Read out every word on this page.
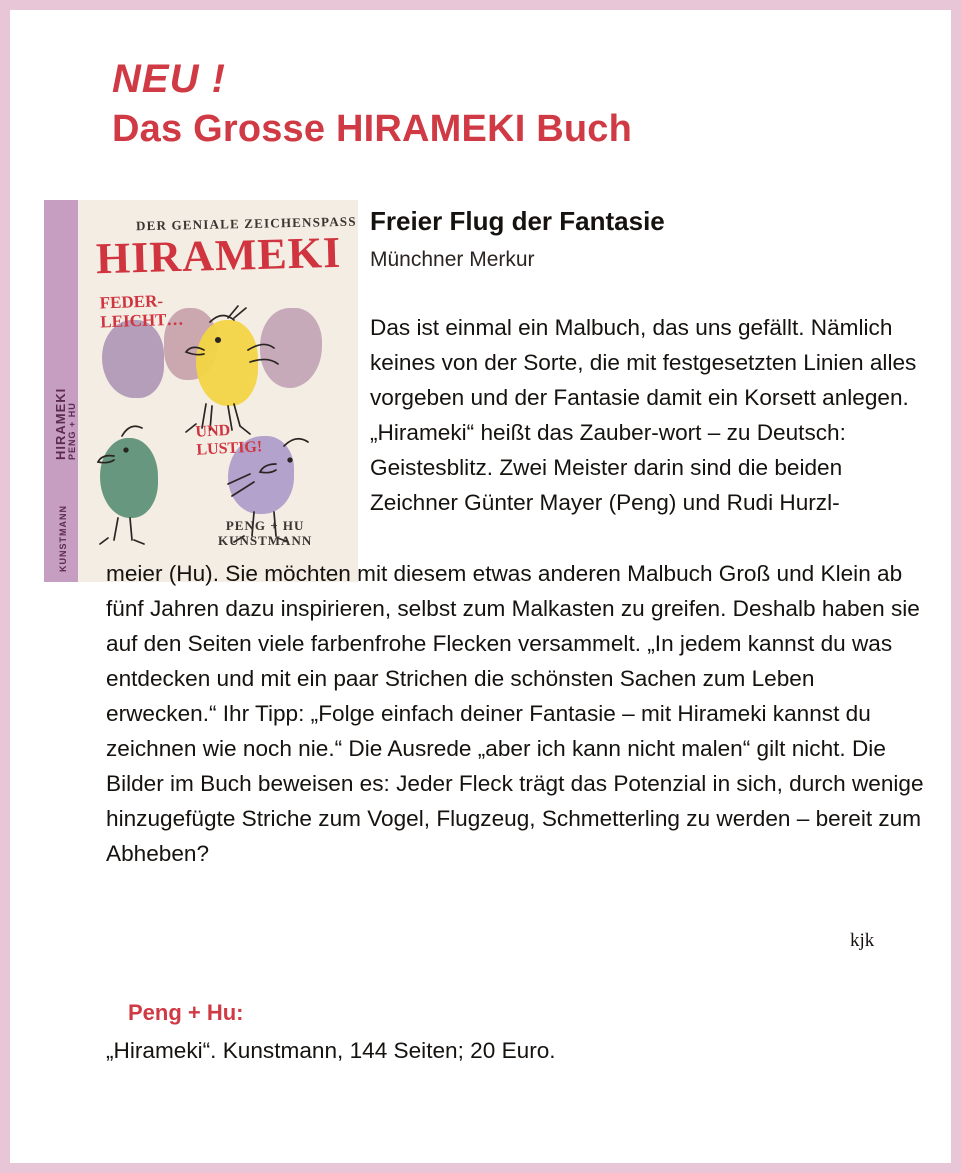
NEU !

Das Grosse HIRAMEKI Buch

HIRAMEKI PENG + HU
KUNSTMANN
DER GENIALE ZEICHENSPASS
HIRAMEKI
FEDER-
LEICHT…
UND
LUSTIG!
PENG + HU
KUNSTMANN
Freier Flug der Fantasie
Münchner Merkur

Das ist einmal ein Malbuch, das uns gefällt. Nämlich keines von der Sorte, die mit festgesetzten Linien alles vorgeben und der Fantasie damit ein Korsett anlegen. „Hirameki“ heißt das Zauber-wort – zu Deutsch: Geistesblitz. Zwei Meister darin sind die beiden Zeichner Günter Mayer (Peng) und Rudi Hurzl-

meier (Hu). Sie möchten mit diesem etwas anderen Malbuch Groß und Klein ab fünf Jahren dazu inspirieren, selbst zum Malkasten zu greifen. Deshalb haben sie auf den Seiten viele farbenfrohe Flecken versammelt. „In jedem kannst du was entdecken und mit ein paar Strichen die schönsten Sachen zum Leben erwecken.“ Ihr Tipp: „Folge einfach deiner Fantasie – mit Hirameki kannst du zeichnen wie noch nie.“ Die Ausrede „aber ich kann nicht malen“ gilt nicht. Die Bilder im Buch beweisen es: Jeder Fleck trägt das Potenzial in sich, durch wenige hinzugefügte Striche zum Vogel, Flugzeug, Schmetterling zu werden – bereit zum Abheben?

kjk
Peng + Hu:
„Hirameki“. Kunstmann, 144 Seiten; 20 Euro.
